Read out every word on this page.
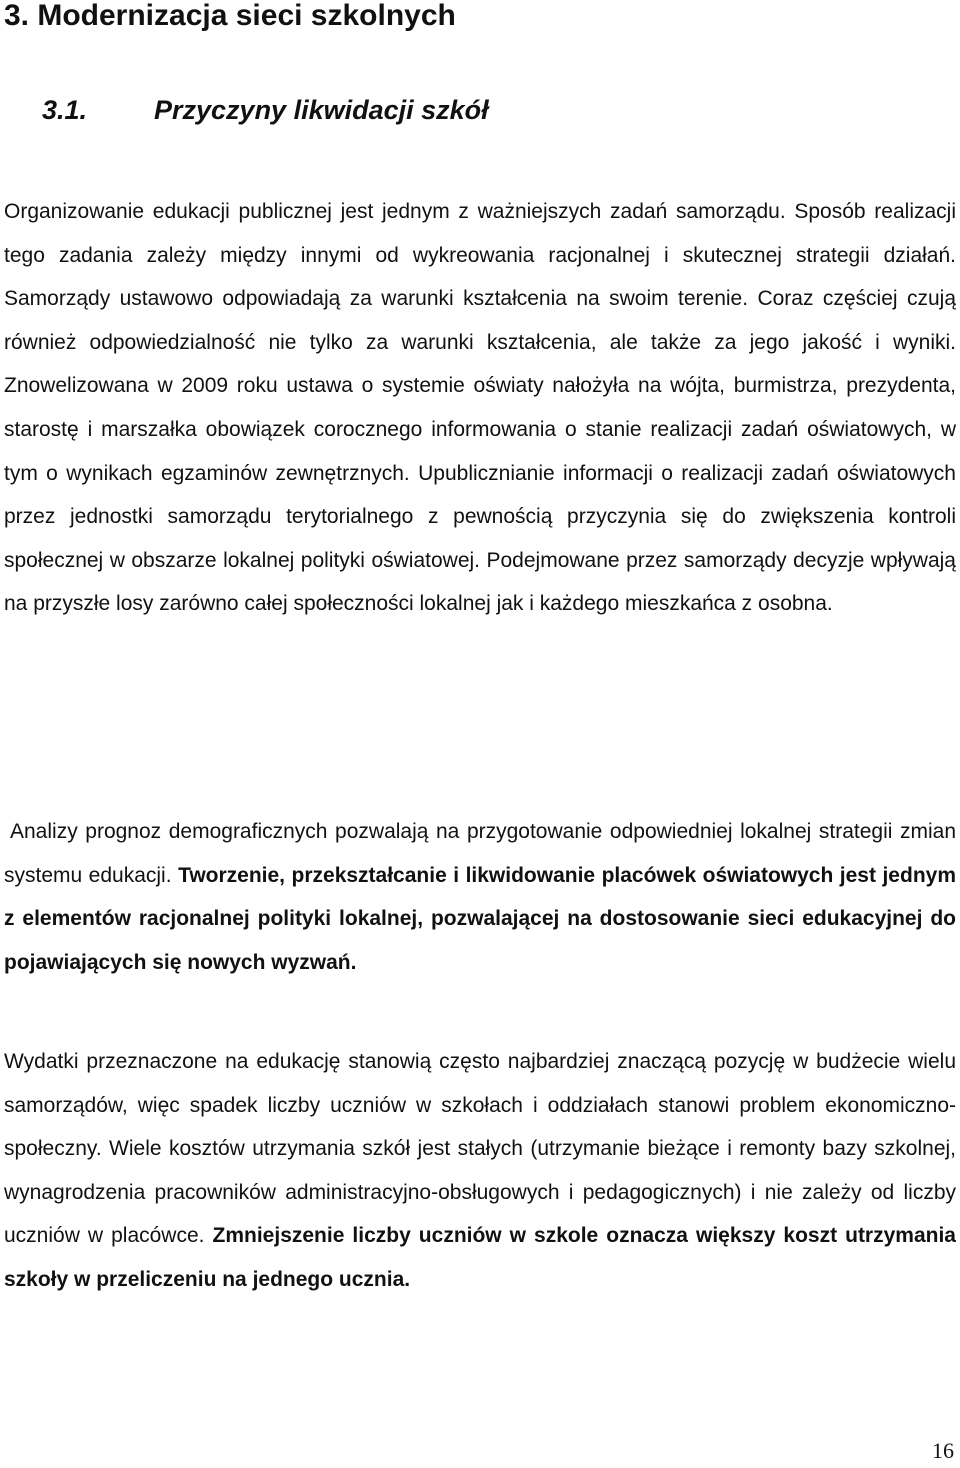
3. Modernizacja sieci szkolnych
3.1. Przyczyny likwidacji szkół

Organizowanie edukacji publicznej jest jednym z ważniejszych zadań samorządu. Sposób realizacji tego zadania zależy między innymi od wykreowania racjonalnej i skutecznej strategii działań. Samorządy ustawowo odpowiadają za warunki kształcenia na swoim terenie. Coraz częściej czują również odpowiedzialność nie tylko za warunki kształcenia, ale także za jego jakość i wyniki. Znowelizowana w 2009 roku ustawa o systemie oświaty nałożyła na wójta, burmistrza, prezydenta, starostę i marszałka obowiązek corocznego informowania o stanie realizacji zadań oświatowych, w tym o wynikach egzaminów zewnętrznych. Upublicznianie informacji o realizacji zadań oświatowych przez jednostki samorządu terytorialnego z pewnością przyczynia się do zwiększenia kontroli społecznej w obszarze lokalnej polityki oświatowej. Podejmowane przez samorządy decyzje wpływają na przyszłe losy zarówno całej społeczności lokalnej jak i każdego mieszkańca z osobna.

Analizy prognoz demograficznych pozwalają na przygotowanie odpowiedniej lokalnej strategii zmian systemu edukacji. Tworzenie, przekształcanie i likwidowanie placówek oświatowych jest jednym z elementów racjonalnej polityki lokalnej, pozwalającej na dostosowanie sieci edukacyjnej do pojawiających się nowych wyzwań.

Wydatki przeznaczone na edukację stanowią często najbardziej znaczącą pozycję w budżecie wielu samorządów, więc spadek liczby uczniów w szkołach i oddziałach stanowi problem ekonomiczno-społeczny. Wiele kosztów utrzymania szkół jest stałych (utrzymanie bieżące i remonty bazy szkolnej, wynagrodzenia pracowników administracyjno-obsługowych i pedagogicznych) i nie zależy od liczby uczniów w placówce. Zmniejszenie liczby uczniów w szkole oznacza większy koszt utrzymania szkoły w przeliczeniu na jednego ucznia.

16
